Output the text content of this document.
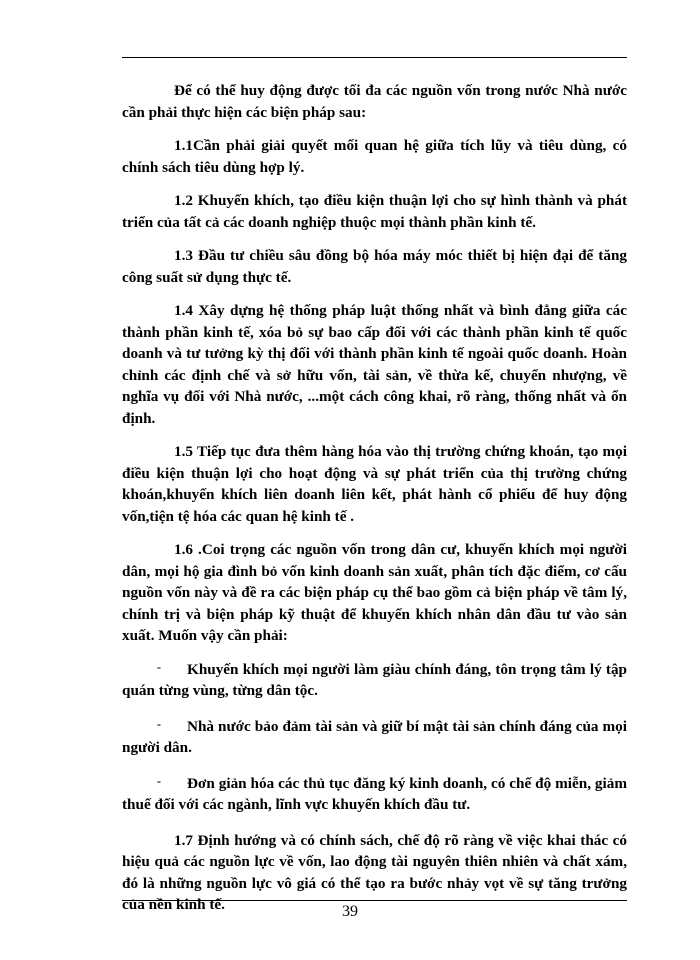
Để có thể huy động được tối đa các nguồn vốn trong nước Nhà nước cần phải thực hiện các biện pháp sau:

1.1Cần phải giải quyết mối quan hệ giữa tích lũy và tiêu dùng, có chính sách tiêu dùng hợp lý.

1.2 Khuyến khích, tạo điều kiện thuận lợi cho sự hình thành và phát triển của tất cả các doanh nghiệp thuộc mọi thành phần kinh tế.

1.3 Đầu tư chiều sâu đồng bộ hóa máy móc thiết bị hiện đại để tăng công suất sử dụng thực tế.

1.4 Xây dựng hệ thống pháp luật thống nhất và bình đẳng giữa các thành phần kinh tế, xóa bỏ sự bao cấp đối với các thành phần kinh tế quốc doanh và tư tưởng kỳ thị đối với thành phần kinh tế ngoài quốc doanh. Hoàn chỉnh các định chế và sở hữu vốn, tài sản, về thừa kế, chuyển nhượng, về nghĩa vụ đối với Nhà nước, ...một cách công khai, rõ ràng, thống nhất và ổn định.

1.5 Tiếp tục đưa thêm hàng hóa vào thị trường chứng khoán, tạo mọi điều kiện thuận lợi cho hoạt động và sự phát triển của thị trường chứng khoán,khuyến khích liên doanh liên kết, phát hành cổ phiếu để huy động vốn,tiện tệ hóa các quan hệ kinh tế .

1.6 .Coi trọng các nguồn vốn trong dân cư, khuyến khích mọi người dân, mọi hộ gia đình bỏ vốn kinh doanh sản xuất, phân tích đặc điểm, cơ cấu nguồn vốn này và đề ra các biện pháp cụ thể bao gồm cả biện pháp về tâm lý, chính trị và biện pháp kỹ thuật để khuyến khích nhân dân đầu tư vào sản xuất. Muốn vậy cần phải:

- Khuyến khích mọi người làm giàu chính đáng, tôn trọng tâm lý tập quán từng vùng, từng dân tộc.
- Nhà nước bảo đảm tài sản và giữ bí mật tài sản chính đáng của mọi người dân.
- Đơn giản hóa các thủ tục đăng ký kinh doanh, có chế độ miễn, giảm thuế đối với các ngành, lĩnh vực khuyến khích đầu tư.

1.7 Định hướng và có chính sách, chế độ rõ ràng về việc khai thác có hiệu quả các nguồn lực về vốn, lao động tài nguyên thiên nhiên và chất xám, đó là những nguồn lực vô giá có thể tạo ra bước nhảy vọt về sự tăng trưởng của nền kinh tế.	39
